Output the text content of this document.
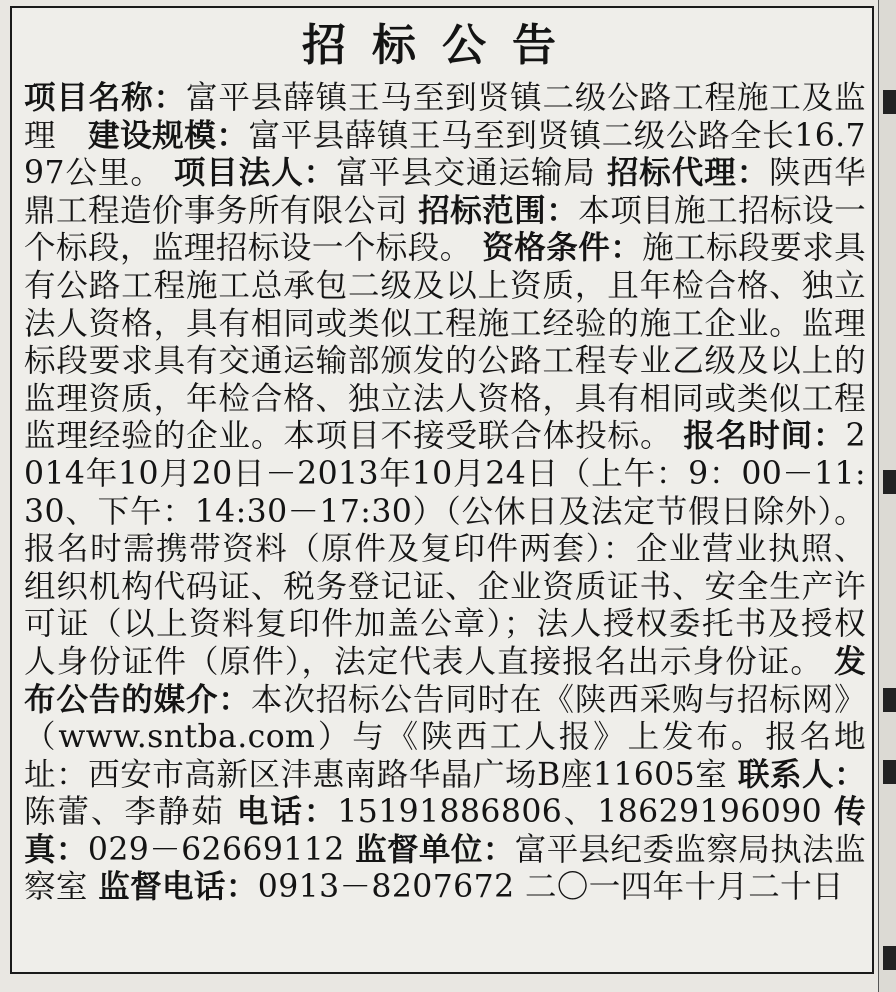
招标公告
项目名称：富平县薛镇王马至到贤镇二级公路工程施工及监理 建设规模：富平县薛镇王马至到贤镇二级公路全长16.797公里。 项目法人：富平县交通运输局 招标代理：陕西华鼎工程造价事务所有限公司 招标范围：本项目施工招标设一个标段，监理招标设一个标段。 资格条件：施工标段要求具有公路工程施工总承包二级及以上资质，且年检合格、独立法人资格，具有相同或类似工程施工经验的施工企业。监理标段要求具有交通运输部颁发的公路工程专业乙级及以上的监理资质，年检合格、独立法人资格，具有相同或类似工程监理经验的企业。本项目不接受联合体投标。 报名时间：2014年10月20日－2013年10月24日（上午：9：00－11:30、下午：14:30－17:30）（公休日及法定节假日除外）。报名时需携带资料（原件及复印件两套）：企业营业执照、组织机构代码证、税务登记证、企业资质证书、安全生产许可证（以上资料复印件加盖公章）；法人授权委托书及授权人身份证件（原件），法定代表人直接报名出示身份证。 发布公告的媒介：本次招标公告同时在《陕西采购与招标网》（www.sntba.com）与《陕西工人报》上发布。报名地址：西安市高新区沣惠南路华晶广场B座11605室 联系人：陈蕾、李静茹 电话：15191886806、18629196090 传真：029－62669112 监督单位：富平县纪委监察局执法监察室 监督电话：0913－8207672 二〇一四年十月二十日
